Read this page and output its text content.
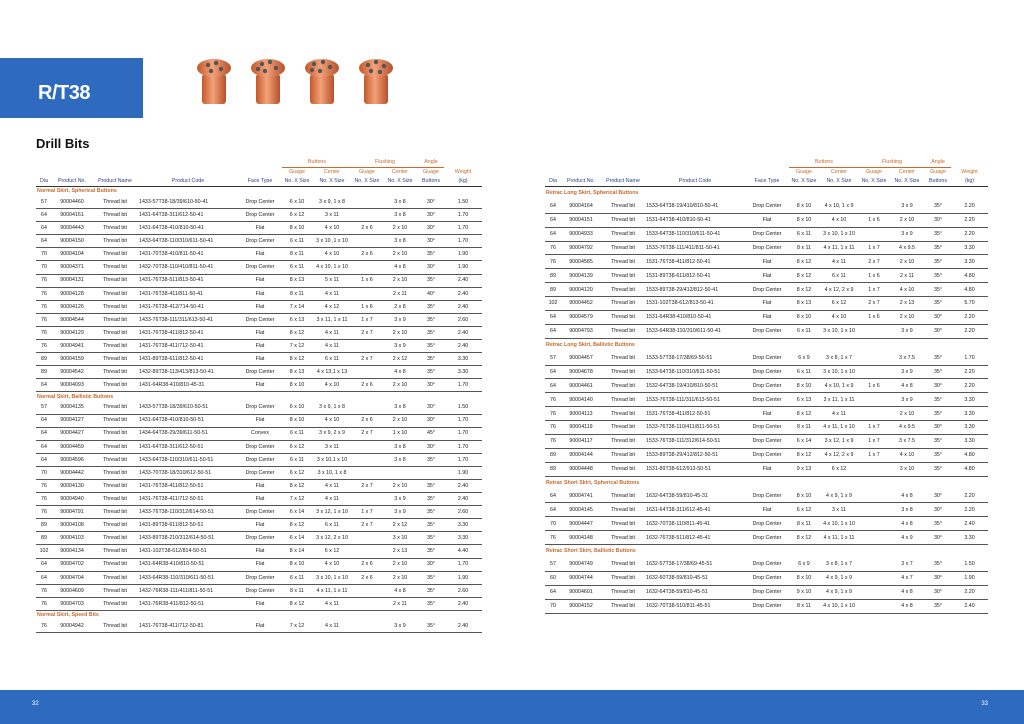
R/T38
Drill Bits
					Buttons		Flushing		Angle	
					Guage	Center	Guage	Center	Guage	Weight
Dia	Product No.	Product Name	Product Code	Face Type	No. X Size	No. X Size	No. X Size	No. X Size	Buttons	(kg)
Normal Skirt, Spherical Buttons										
57	90004460	Thread bit	1433-57T38-18/39/610-50-41	Drop Center	6 x 10	3 x 9, 1 x 8		3 x 8	30°	1.50
64	90004161	Thread bit	1431-64T38-311/612-50-41	Drop Center	6 x 12	3 x 11		3 x 8	30°	1.70
64	90004443	Thread bit	1431-64T38-410/810-50-41	Flat	8 x 10	4 x 10	2 x 6	2 x 10	30°	1.70
64	90004150	Thread bit	1433-64T38-110/310/611-50-41	Drop Center	6 x 11	3 x 10 ,1 x 10		3 x 8	30°	1.70
70	90004104	Thread bit	1431-70T38-410/811-50-41	Flat	8 x 11	4 x 10	2 x 6	2 x 10	35°	1.90
70	90004371	Thread bit	1432-70T38-110/410/811-50-41	Drop Center	6 x 11	4 x 10, 1 x 10		4 x 8	30°	1.90
76	90004131	Thread bit	1431-76T38-511/813-50-41	Flat	8 x 13	5 x 11	1 x 6	2 x 10	35°	2.40
76	90004128	Thread bit	1431-76T38-411/811-50-41	Flat	8 x 11	4 x 11		2 x 11	40°	2.40
76	90004126	Thread bit	1431-76T38-412/714-50-41	Flat	7 x 14	4 x 12	1 x 6	2 x 8	35°	2.40
76	90004544	Thread bit	1433-76T38-111/311/613-50-41	Drop Center	6 x 13	3 x 11, 1 x 11	1 x 7	3 x 9	35°	2.60
76	90004129	Thread bit	1431-76T38-411/812-50-41	Flat	8 x 12	4 x 11	2 x 7	2 x 10	35°	2.40
76	90004941	Thread bit	1431-76T38-411/712-50-41	Flat	7 x 12	4 x 11		3 x 9	35°	2.40
89	90004159	Thread bit	1431-89T38-611/812-50-41	Flat	8 x 12	6 x 11	2 x 7	2 x 12	35°	3.30
89	90004542	Thread bit	1432-89T38-113/413/813-50-41	Drop Center	8 x 13	4 x 13,1 x 13		4 x 8	35°	3.30
64	90004093	Thread bit	1431-64R38-410/810-45-31	Flat	8 x 10	4 x 10	2 x 6	2 x 10	30°	1.70
Normal Skirt, Ballistic Buttons										
57	90004135	Thread bit	1433-57T38-18/39/610-50-51	Drop Center	6 x 10	3 x 9, 1 x 8		3 x 8	30°	1.50
64	90004127	Thread bit	1431-64T38-410/810-50-51	Flat	8 x 10	4 x 10	2 x 6	2 x 10	30°	1.70
64	90004427	Thread bit	1434-64T38-29/39/611-50-51	Convex	6 x 11	3 x 9, 2 x 9	2 x 7	1 x 10	45°	1.70
64	90004459	Thread bit	1431-64T38-311/612-50-51	Drop Center	6 x 12	3 x 11		3 x 8	30°	1.70
64	90004596	Thread bit	1433-64T38-110/310/611-50-51	Drop Center	6 x 11	3 x 10,1 x 10		3 x 8	35°	1.70
70	90004442	Thread bit	1433-70T38-18/310/612-50-51	Drop Center	6 x 12	3 x 10, 1 x 8				1.90
76	90004130	Thread bit	1431-76T38-411/812-50-51	Flat	8 x 12	4 x 11	2 x 7	2 x 10	35°	2.40
76	90004940	Thread bit	1431-76T38-411/712-50-51	Flat	7 x 12	4 x 11		3 x 9	35°	2.40
76	90004791	Thread bit	1433-76T38-110/312/614-50-51	Drop Center	6 x 14	3 x 12, 1 x 10	1 x 7	3 x 9	35°	2.60
89	90004108	Thread bit	1431-89T38-611/812-50-51	Flat	8 x 12	6 x 11	2 x 7	2 x 12	35°	3.30
89	90004103	Thread bit	1433-89T38-210/312/614-50-51	Drop Center	6 x 14	3 x 12, 2 x 10		3 x 10	35°	3.30
102	90004134	Thread bit	1431-102T38-612/814-50-51	Flat	8 x 14	6 x 12		2 x 13	35°	4.40
64	90004702	Thread bit	1431-64R38-410/810-50-51	Flat	8 x 10	4 x 10	2 x 6	2 x 10	30°	1.70
64	90004704	Thread bit	1433-64R38-110/310/611-50-51	Drop Center	6 x 11	3 x 10, 1 x 10	2 x 6	2 x 10	35°	1.90
76	90004609	Thread bit	1432-76R38-111/411/811-50-51	Drop Center	8 x 11	4 x 11, 1 x 11		4 x 8	35°	2.60
76	90004703	Thread bit	1431-76R38-411/812-50-51	Flat	8 x 12	4 x 11		2 x 11	35°	2.40
Normal Skirt, Speed Bits										
76	90004942	Thread bit	1431-76T38-411/712-50-81	Flat	7 x 12	4 x 11		3 x 9	35°	2.40
					Buttons		Flushing		Angle	
					Guage	Center	Guage	Center	Guage	Weight
Dia	Product No.	Product Name	Product Code	Face Type	No. X Size	No. X Size	No. X Size	No. X Size	Buttons	(kg)
Retrac Long Skirt, Spherical Buttons										
64	90004164	Thread bit	1533-64T38-19/410/810-50-41	Drop Center	8 x 10	4 x 10, 1 x 9		3 x 9	35°	2.20
64	90004151	Thread bit	1531-64T38-410/810-50-41	Flat	8 x 10	4 x 10	1 x 6	2 x 10	30°	2.20
64	90004933	Thread bit	1533-64T38-110/310/611-50-41	Drop Center	6 x 11	3 x 10, 1 x 10		3 x 9	35°	2.20
76	90004792	Thread bit	1533-76T38-111/411/811-50-41	Drop Center	8 x 11	4 x 11, 1 x 11	1 x 7	4 x 9.5	35°	3.30
76	90004585	Thread bit	1531-76T38-411/812-50-41	Flat	8 x 12	4 x 11	2 x 7	2 x 10	35°	3.30
89	90004139	Thread bit	1531-89T38-611/812-50-41	Flat	8 x 12	6 x 11	1 x 6	2 x 11	35°	4.80
89	90004120	Thread bit	1533-89T38-29/412/812-50-41	Drop Center	8 x 12	4 x 12, 2 x 9	1 x 7	4 x 10	35°	4.80
102	90004452	Thread bit	1531-102T38-612/813-50-41	Flat	8 x 13	6 x 12	2 x 7	2 x 13	35°	5.70
64	90004579	Thread bit	1531-64R38-410/810-50-41	Flat	8 x 10	4 x 10	1 x 6	2 x 10	30°	2.20
64	90004793	Thread bit	1533-64R38-110/310/611-50-41	Drop Center	6 x 11	3 x 10, 1 x 10		3 x 9	30°	2.20
Retrac Long Skirt, Ballistic Buttons										
57	90004457	Thread bit	1533-57T38-17/38/69-50-51	Drop Center	6 x 9	3 x 8, 1 x 7		3 x 7.5	35°	1.70
64	90004678	Thread bit	1533-64T38-110/310/611-50-51	Drop Center	6 x 11	3 x 10, 1 x 10		3 x 9	35°	2.20
64	90004461	Thread bit	1532-64T38-19/410/810-50-51	Drop Center	8 x 10	4 x 10, 1 x 9	1 x 6	4 x 8	30°	2.20
76	90004140	Thread bit	1533-76T38-111/311/613-50-51	Drop Center	6 x 13	3 x 11, 1 x 11		3 x 9	35°	3.30
76	90004113	Thread bit	1531-76T38-411/812-50-51	Flat	8 x 12	4 x 11		2 x 10	35°	3.30
76	90004119	Thread bit	1533-76T38-110/411/811-50-51	Drop Center	8 x 11	4 x 11, 1 x 10	1 x 7	4 x 9.5	30°	3.30
76	90004117	Thread bit	1533-76T38-111/312/614-50-51	Drop Center	6 x 14	3 x 12, 1 x 9	1 x 7	3 x 7.5	35°	3.30
89	90004144	Thread bit	1533-89T38-29/412/812-50-51	Drop Center	8 x 12	4 x 12, 2 x 9	1 x 7	4 x 10	35°	4.80
89	90004448	Thread bit	1531-89T38-612/913-50-51	Flat	9 x 13	6 x 12		3 x 10	35°	4.80
Retrac Short Skirt, Spherical Buttons										
64	90004741	Thread bit	1632-64T38-59/810-45-31	Drop Center	8 x 10	4 x 9, 1 x 9		4 x 8	30°	2.20
64	90004145	Thread bit	1631-64T38-311/612-45-41	Flat	6 x 12	3 x 11		3 x 8	30°	2.20
70	90004447	Thread bit	1632-70T38-110/811-45-41	Drop Center	8 x 11	4 x 10, 1 x 10		4 x 8	35°	2.40
76	90004148	Thread bit	1632-76T38-511/812-45-41	Drop Center	8 x 12	4 x 11, 1 x 11		4 x 9	30°	3.30
Retrac Short Skirt, Ballistic Buttons										
57	90004749	Thread bit	1632-57T38-17/38/69-45-51	Drop Center	6 x 9	3 x 8, 1 x 7		3 x 7	35°	1.50
60	90004744	Thread bit	1632-60T38-59/810-45-51	Drop Center	8 x 10	4 x 9, 1 x 9		4 x 7	30°	1.90
64	90004601	Thread bit	1632-64T38-59/810-45-51	Drop Center	9 x 10	4 x 9, 1 x 9		4 x 8	30°	2.20
70	90004152	Thread bit	1632-70T38-510/811-45-51	Drop Center	8 x 11	4 x 10, 1 x 10		4 x 8	35°	2.40
32	33
